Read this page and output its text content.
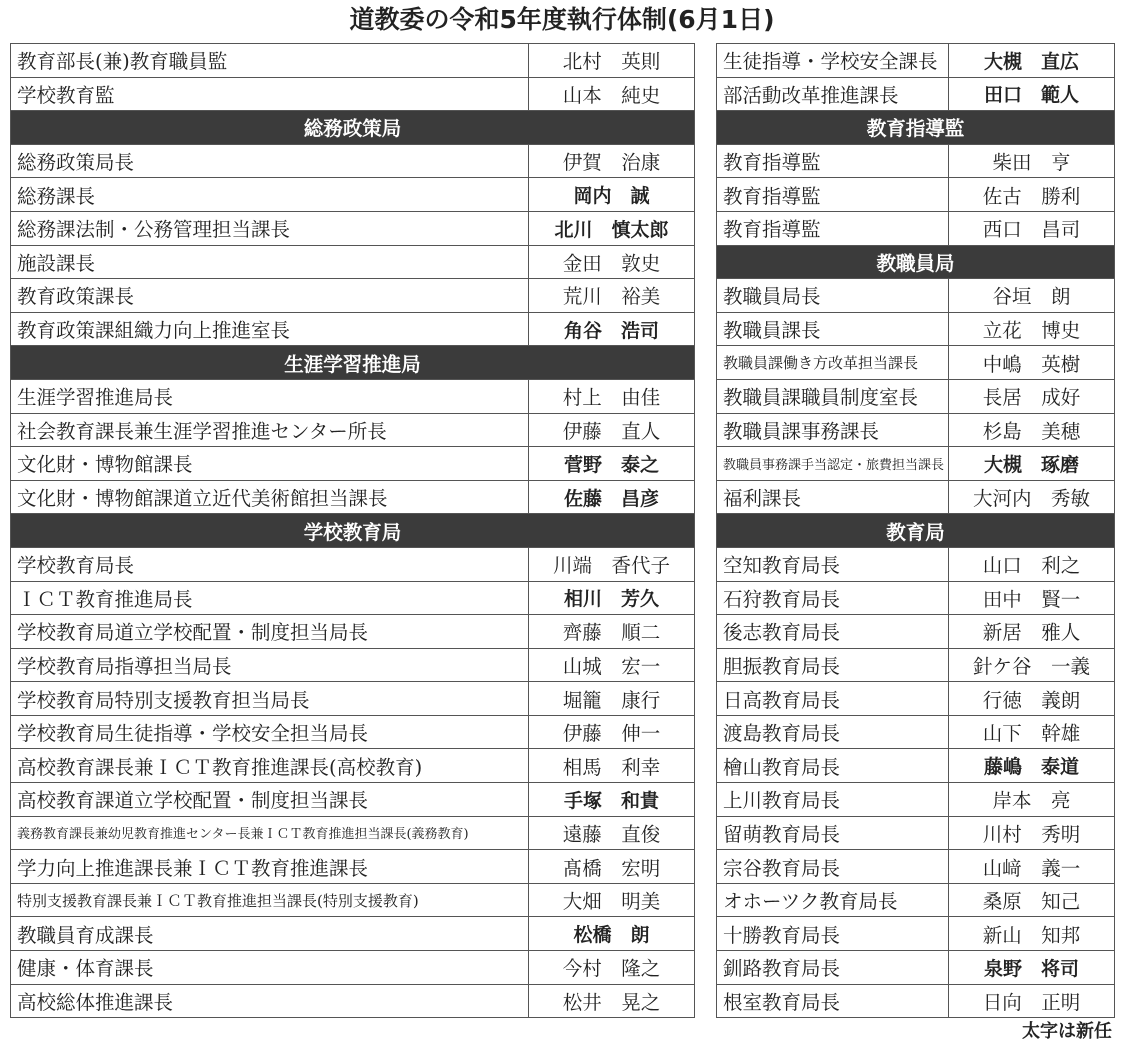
道教委の令和5年度執行体制(6月1日)
教育部長(兼)教育職員監	北村　英則
学校教育監	山本　純史
総務政策局	
総務政策局長	伊賀　治康
総務課長	岡内　誠
総務課法制・公務管理担当課長	北川　慎太郎
施設課長	金田　敦史
教育政策課長	荒川　裕美
教育政策課組織力向上推進室長	角谷　浩司
生涯学習推進局	
生涯学習推進局長	村上　由佳
社会教育課長兼生涯学習推進センター所長	伊藤　直人
文化財・博物館課長	菅野　泰之
文化財・博物館課道立近代美術館担当課長	佐藤　昌彦
学校教育局	
学校教育局長	川端　香代子
ＩＣＴ教育推進局長	相川　芳久
学校教育局道立学校配置・制度担当局長	齊藤　順二
学校教育局指導担当局長	山城　宏一
学校教育局特別支援教育担当局長	堀籠　康行
学校教育局生徒指導・学校安全担当局長	伊藤　伸一
高校教育課長兼ＩＣＴ教育推進課長(高校教育)	相馬　利幸
高校教育課道立学校配置・制度担当課長	手塚　和貴
義務教育課長兼幼児教育推進センター長兼ＩＣＴ教育推進担当課長(義務教育)	遠藤　直俊
学力向上推進課長兼ＩＣＴ教育推進課長	髙橋　宏明
特別支援教育課長兼ＩＣＴ教育推進担当課長(特別支援教育)	大畑　明美
教職員育成課長	松橋　朗
健康・体育課長	今村　隆之
高校総体推進課長	松井　晃之
生徒指導・学校安全課長	大槻　直広
部活動改革推進課長	田口　範人
教育指導監	
教育指導監	柴田　亨
教育指導監	佐古　勝利
教育指導監	西口　昌司
教職員局	
教職員局長	谷垣　朗
教職員課長	立花　博史
教職員課働き方改革担当課長	中嶋　英樹
教職員課職員制度室長	長居　成好
教職員課事務課長	杉島　美穂
教職員事務課手当認定・旅費担当課長	大槻　琢磨
福利課長	大河内　秀敏
教育局	
空知教育局長	山口　利之
石狩教育局長	田中　賢一
後志教育局長	新居　雅人
胆振教育局長	針ケ谷　一義
日高教育局長	行徳　義朗
渡島教育局長	山下　幹雄
檜山教育局長	藤嶋　泰道
上川教育局長	岸本　亮
留萌教育局長	川村　秀明
宗谷教育局長	山﨑　義一
オホーツク教育局長	桑原　知己
十勝教育局長	新山　知邦
釧路教育局長	泉野　将司
根室教育局長	日向　正明
太字は新任
